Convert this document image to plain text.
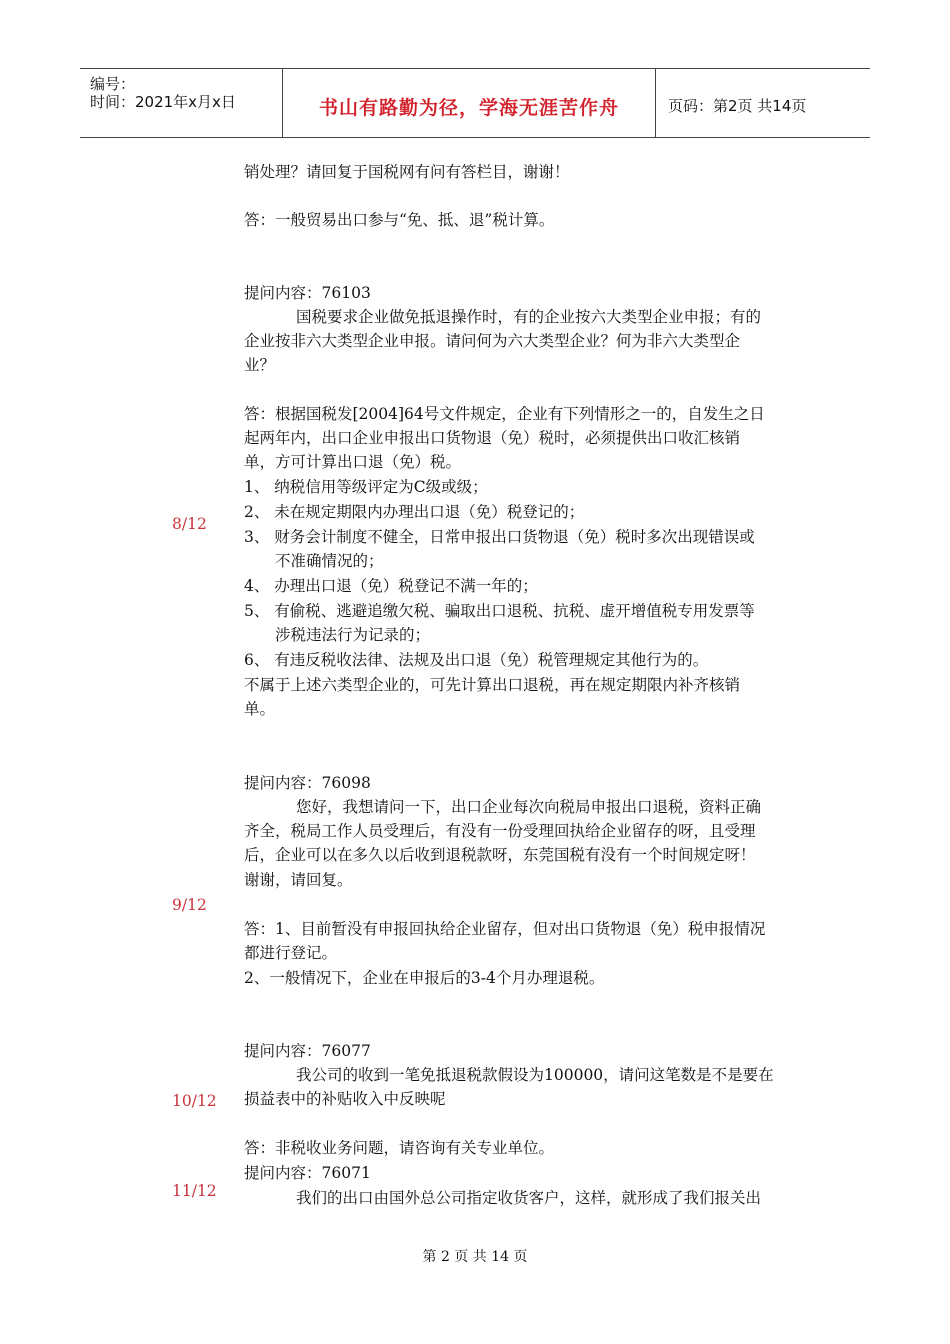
编号：
时间：2021年x月x日	书山有路勤为径，学海无涯苦作舟	页码：第2页 共14页
销处理？请回复于国税网有问有答栏目，谢谢！
答：一般贸易出口参与“免、抵、退”税计算。
提问内容：76103
国税要求企业做免抵退操作时，有的企业按六大类型企业申报；有的
企业按非六大类型企业申报。请问何为六大类型企业？何为非六大类型企
业？
答：根据国税发[2004]64号文件规定，企业有下列情形之一的，自发生之日
起两年内，出口企业申报出口货物退（免）税时，必须提供出口收汇核销
单，方可计算出口退（免）税。
1、 纳税信用等级评定为C级或级；
2、 未在规定期限内办理出口退（免）税登记的；
3、 财务会计制度不健全，日常申报出口货物退（免）税时多次出现错误或
不准确情况的；
4、 办理出口退（免）税登记不满一年的；
5、 有偷税、逃避追缴欠税、骗取出口退税、抗税、虚开增值税专用发票等
涉税违法行为记录的；
6、 有违反税收法律、法规及出口退（免）税管理规定其他行为的。
不属于上述六类型企业的，可先计算出口退税，再在规定期限内补齐核销
单。
提问内容：76098
您好，我想请问一下，出口企业每次向税局申报出口退税，资料正确
齐全，税局工作人员受理后，有没有一份受理回执给企业留存的呀，且受理
后，企业可以在多久以后收到退税款呀，东莞国税有没有一个时间规定呀！
谢谢，请回复。
答：1、目前暂没有申报回执给企业留存，但对出口货物退（免）税申报情况
都进行登记。
2、一般情况下，企业在申报后的3-4个月办理退税。
提问内容：76077
我公司的收到一笔免抵退税款假设为100000，请问这笔数是不是要在
损益表中的补贴收入中反映呢
答：非税收业务问题，请咨询有关专业单位。
提问内容：76071
我们的出口由国外总公司指定收货客户，这样，就形成了我们报关出
8/12
9/12
10/12
11/12
第 2 页 共 14 页
